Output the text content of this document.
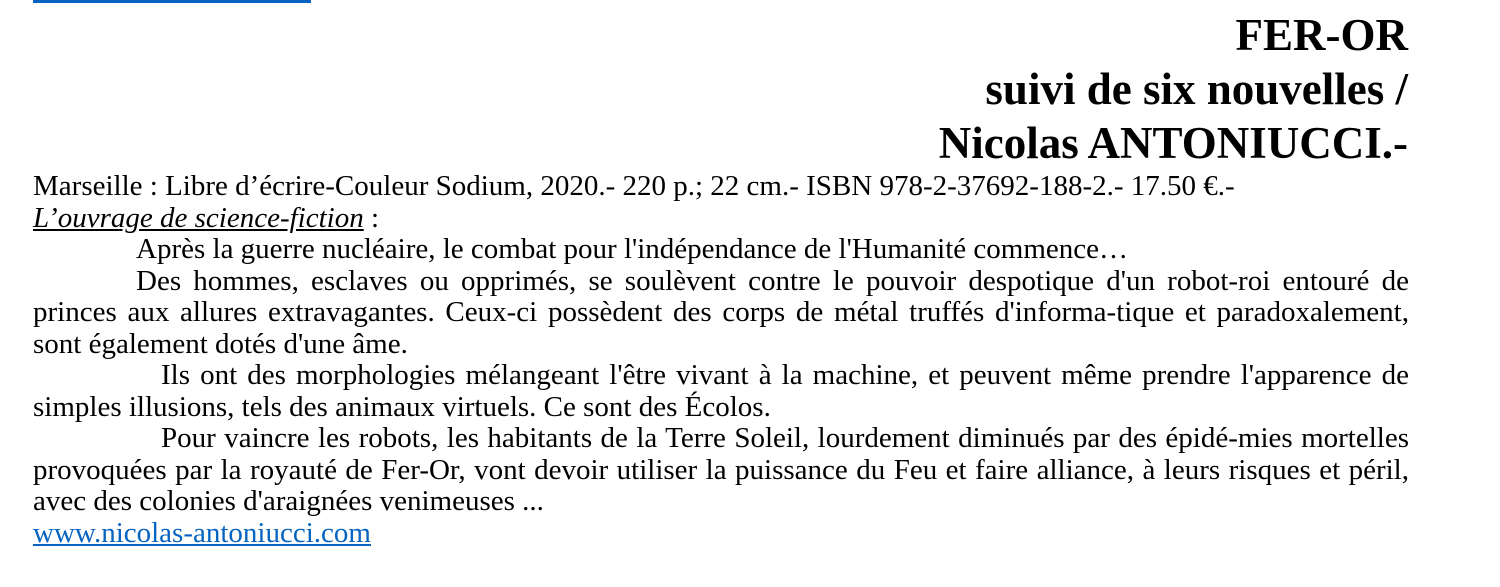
FER-OR
suivi de six nouvelles /
Nicolas ANTONIUCCI.-
Marseille : Libre d’écrire-Couleur Sodium, 2020.- 220 p.; 22 cm.- ISBN 978-2-37692-188-2.- 17.50 €.-
L’ouvrage de science-fiction :

Après la guerre nucléaire, le combat pour l'indépendance de l'Humanité commence…

Des hommes, esclaves ou opprimés, se soulèvent contre le pouvoir despotique d'un robot-roi entouré de princes aux allures extravagantes. Ceux-ci possèdent des corps de métal truffés d'informa-tique et paradoxalement, sont également dotés d'une âme.

Ils ont des morphologies mélangeant l'être vivant à la machine, et peuvent même prendre l'apparence de simples illusions, tels des animaux virtuels. Ce sont des Écolos.

Pour vaincre les robots, les habitants de la Terre Soleil, lourdement diminués par des épidé-mies mortelles provoquées par la royauté de Fer-Or, vont devoir utiliser la puissance du Feu et faire alliance, à leurs risques et péril, avec des colonies d'araignées venimeuses ...

www.nicolas-antoniucci.com
